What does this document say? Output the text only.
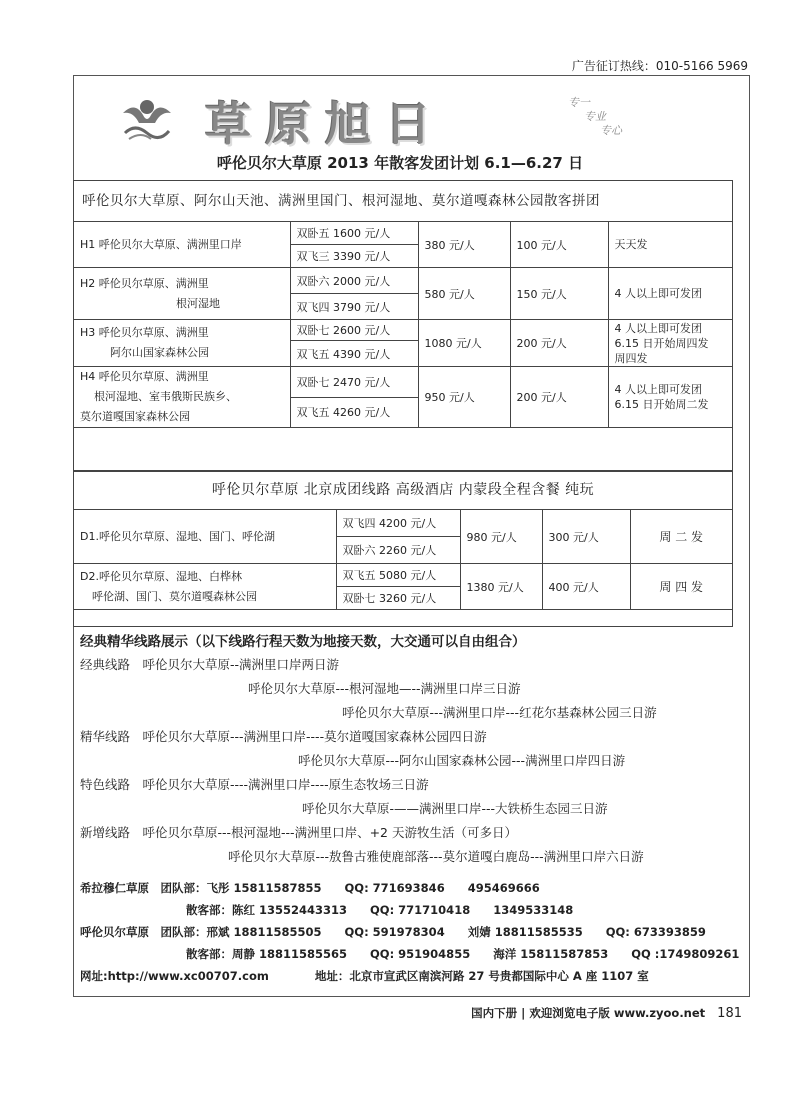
广告征订热线：010-5166 5969
草原旭日	专一
专业
专心
呼伦贝尔大草原 2013 年散客发团计划 6.1—6.27 日
呼伦贝尔大草原、阿尔山天池、满洲里国门、根河湿地、莫尔道嘎森林公园散客拼团
H1 呼伦贝尔大草原、满洲里口岸	双卧五 1600 元/人	380 元/人	100 元/人	天天发

	双飞三 3390 元/人			

H2 呼伦贝尔草原、满洲里
根河湿地	双卧六 2000 元/人	580 元/人	150 元/人	4 人以上即可发团

	双飞四 3790 元/人			

H3 呼伦贝尔草原、满洲里
阿尔山国家森林公园	双卧七 2600 元/人	1080 元/人	200 元/人	4 人以上即可发团
6.15 日开始周四发
周四发

	双飞五 4390 元/人			

H4 呼伦贝尔草原、满洲里
根河湿地、室韦俄斯民族乡、
莫尔道嘎国家森林公园	双卧七 2470 元/人	950 元/人	200 元/人	4 人以上即可发团
6.15 日开始周二发

	双飞五 4260 元/人			
呼伦贝尔草原 北京成团线路 高级酒店 内蒙段全程含餐 纯玩
D1.呼伦贝尔草原、湿地、国门、呼伦湖	双飞四 4200 元/人	980 元/人	300 元/人	周 二 发
	双卧六 2260 元/人			

D2.呼伦贝尔草原、湿地、白桦林
呼伦湖、国门、莫尔道嘎森林公园	双飞五 5080 元/人	1380 元/人	400 元/人	周 四 发
	双卧七 3260 元/人			
经典精华线路展示（以下线路行程天数为地接天数，大交通可以自由组合）
经典线路　呼伦贝尔大草原--满洲里口岸两日游
呼伦贝尔大草原---根河湿地—--满洲里口岸三日游
呼伦贝尔大草原---满洲里口岸---红花尔基森林公园三日游
精华线路　呼伦贝尔大草原---满洲里口岸----莫尔道嘎国家森林公园四日游
呼伦贝尔大草原---阿尔山国家森林公园---满洲里口岸四日游
特色线路　呼伦贝尔大草原----满洲里口岸----原生态牧场三日游
呼伦贝尔大草原-——满洲里口岸---大铁桥生态园三日游
新增线路　呼伦贝尔草原---根河湿地---满洲里口岸、+2 天游牧生活（可多日）
呼伦贝尔大草原---敖鲁古雅使鹿部落---莫尔道嘎白鹿岛---满洲里口岸六日游
希拉穆仁草原　团队部：飞彤 15811587855　　QQ: 771693846　　495469666
散客部：陈红 13552443313　　QQ: 771710418　　1349533148
呼伦贝尔草原　团队部：邢斌 18811585505　　QQ: 591978304　　刘婧 18811585535　　QQ: 673393859
散客部：周静 18811585565　　QQ: 951904855　　海洋 15811587853　　QQ :1749809261
网址:http://www.xc00707.com　　　　地址：北京市宣武区南滨河路 27 号贵都国际中心 A 座 1107 室
国内下册 | 欢迎浏览电子版 www.zyoo.net 181
